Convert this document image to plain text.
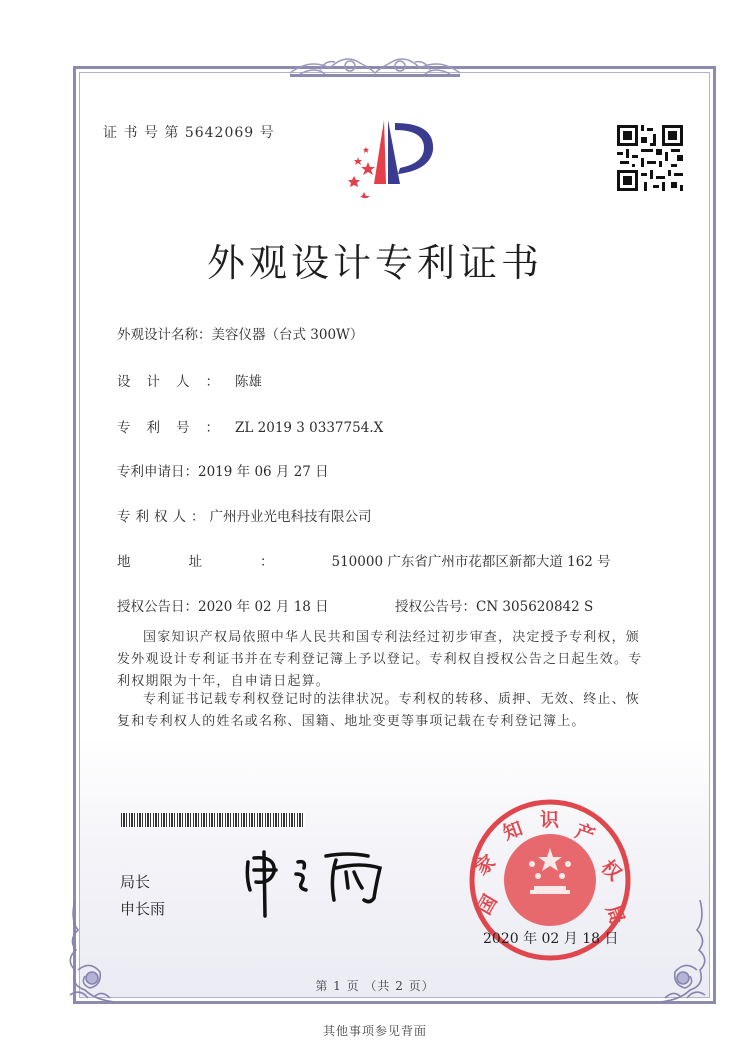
证 书 号 第 5642069 号
外观设计专利证书
外观设计名称：美容仪器（台式 300W）
设计人：陈雄
专利号：ZL 2019 3 0337754.X
专利申请日：2019 年 06 月 27 日
专利权人：广州丹业光电科技有限公司
地址：510000 广东省广州市花都区新都大道 162 号
授权公告日：2020 年 02 月 18 日	授权公告号：CN 305620842 S

国家知识产权局依照中华人民共和国专利法经过初步审查，决定授予专利权，颁发外观设计专利证书并在专利登记簿上予以登记。专利权自授权公告之日起生效。专利权期限为十年，自申请日起算。

专利证书记载专利权登记时的法律状况。专利权的转移、质押、无效、终止、恢复和专利权人的姓名或名称、国籍、地址变更等事项记载在专利登记簿上。

局长
申长雨	国
家
知 识
产
权
局
2020 年 02 月 18 日
第 1 页 （共 2 页）
其他事项参见背面
